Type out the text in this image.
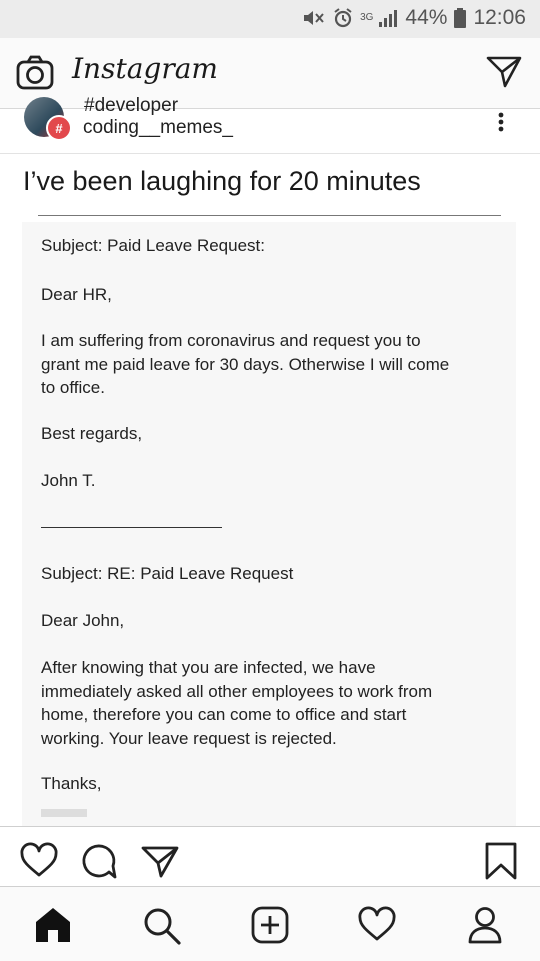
3G 44% 12:06
Instagram
#
#developer
coding__memes_
I’ve been laughing for 20 minutes
Subject: Paid Leave Request:
Dear HR,
I am suffering from coronavirus and request you to
grant me paid leave for 30 days. Otherwise I will come
to office.
Best regards,
John T.
Subject: RE: Paid Leave Request
Dear John,
After knowing that you are infected, we have
immediately asked all other employees to work from
home, therefore you can come to office and start
working. Your leave request is rejected.
Thanks,
